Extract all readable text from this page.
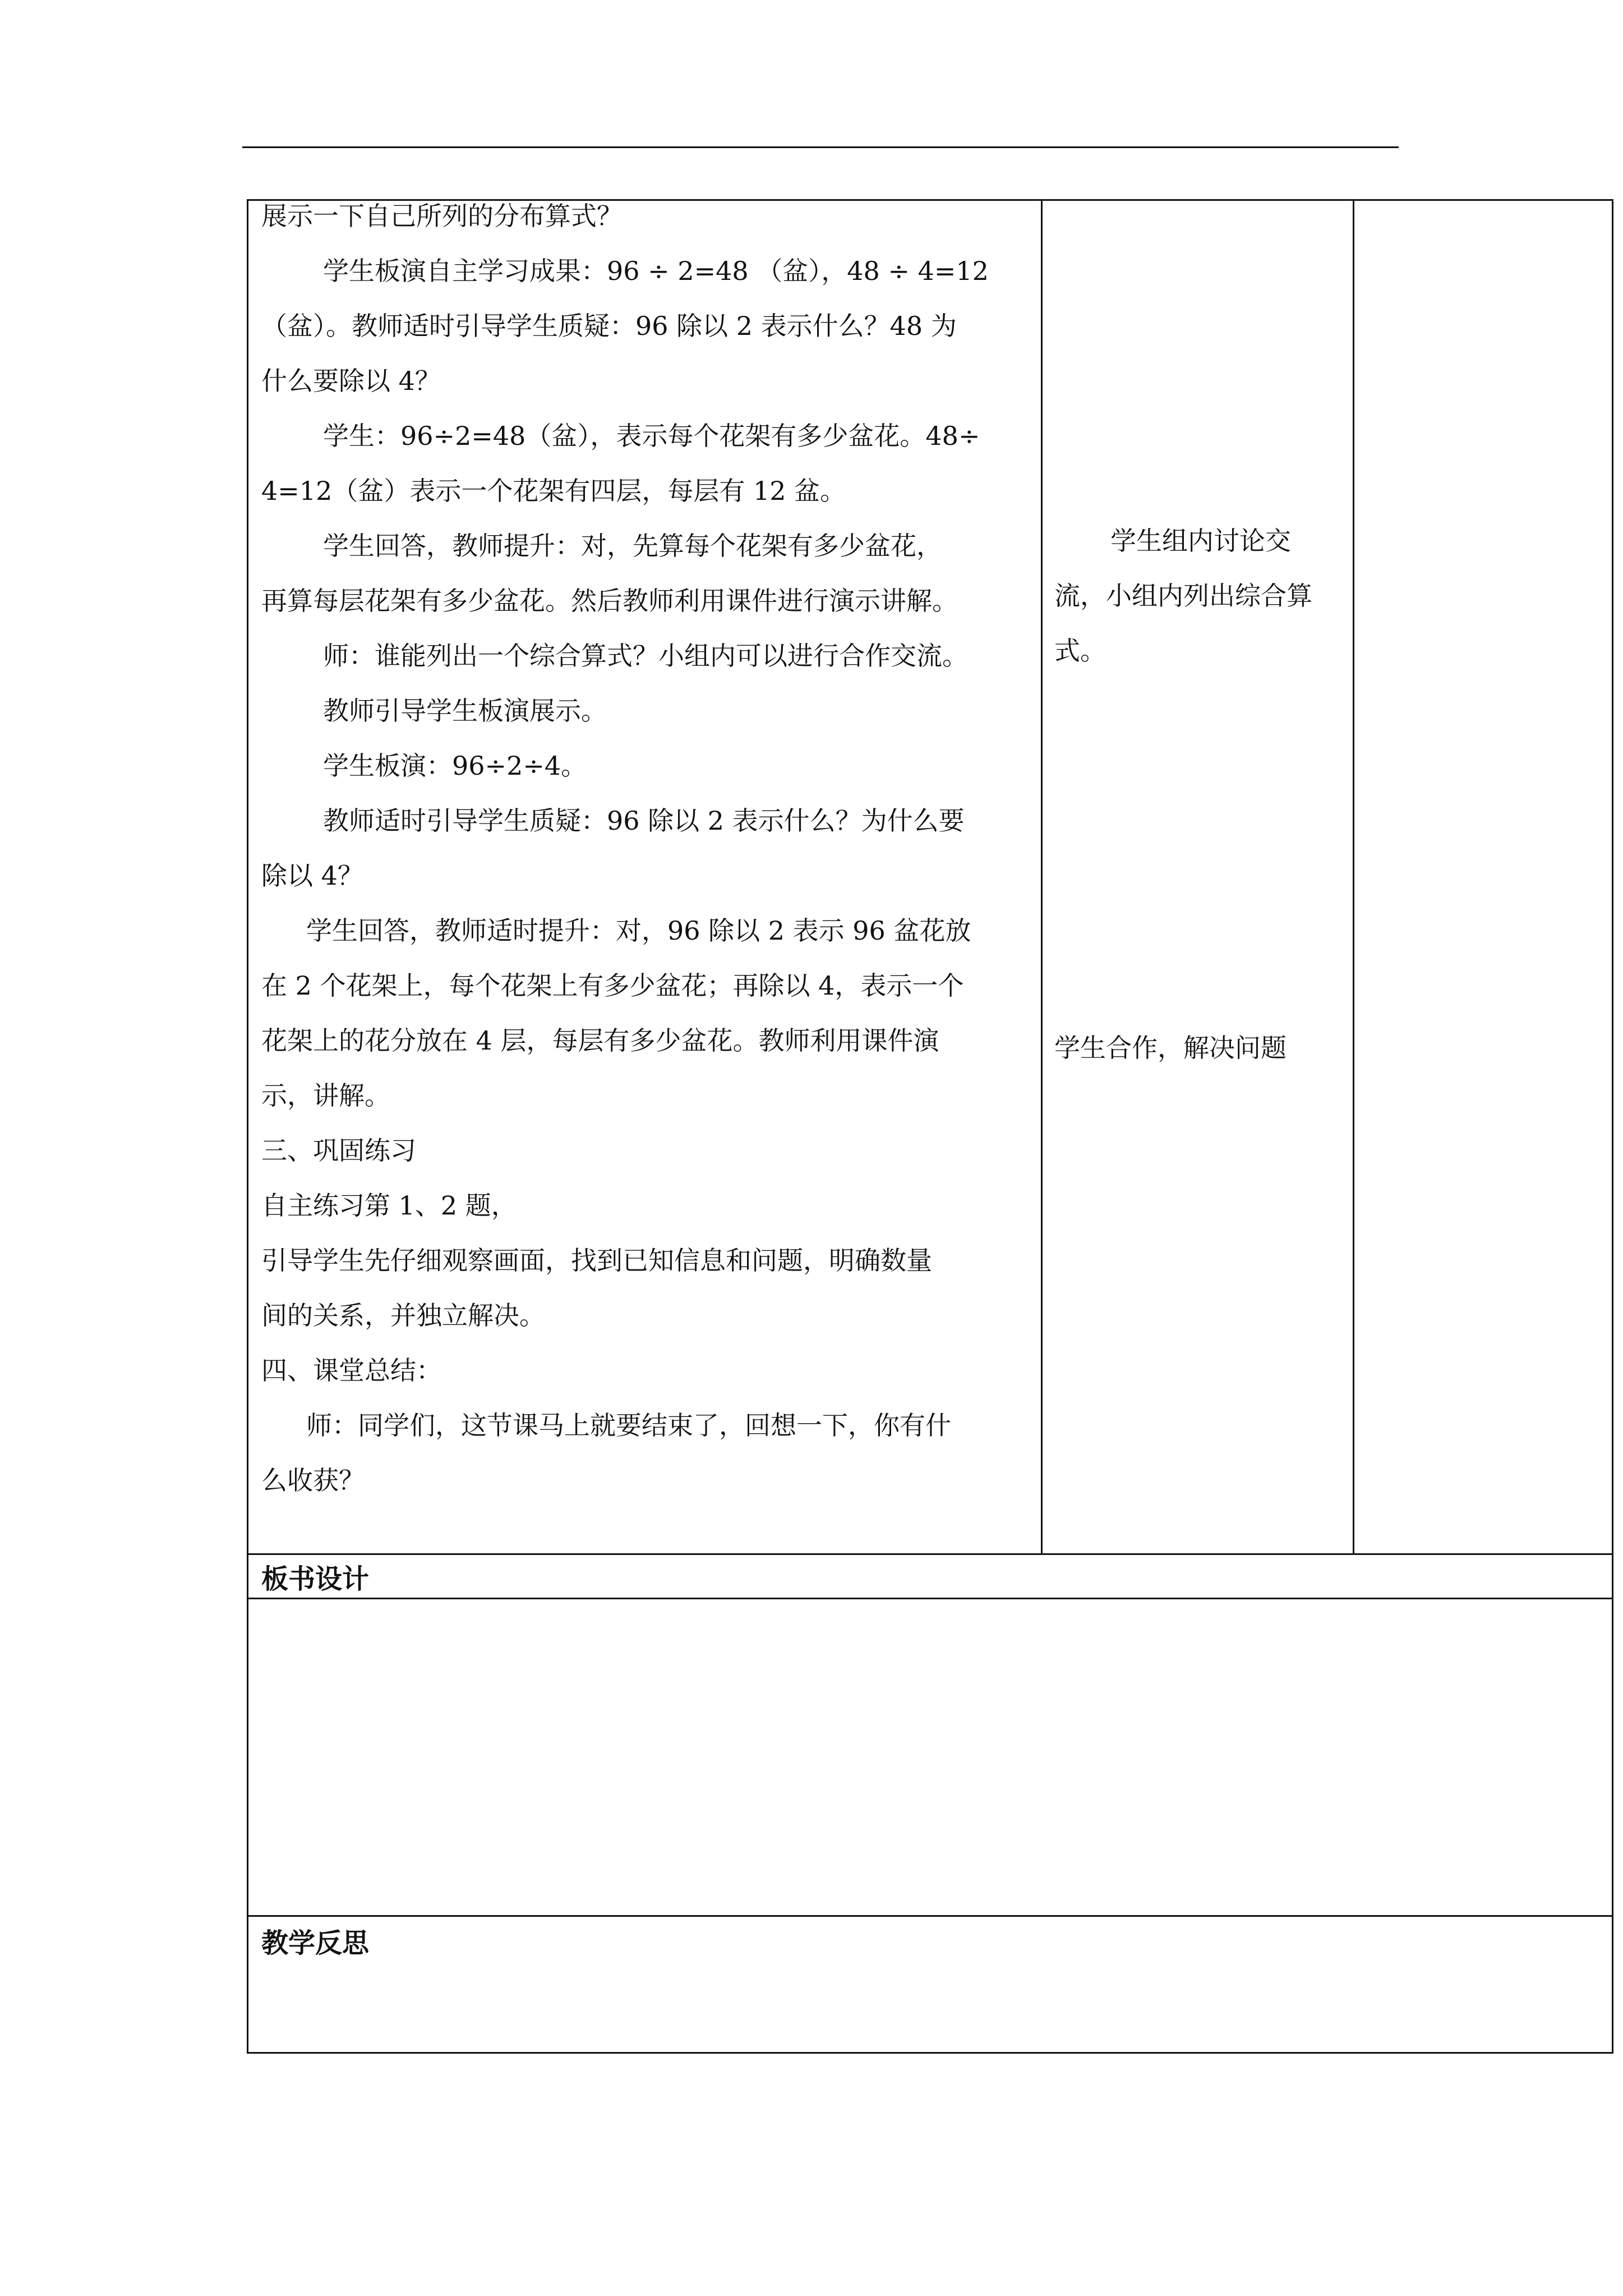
展示一下自己所列的分布算式？

学生板演自主学习成果：96 ÷ 2=48 （盆），48 ÷ 4=12

（盆）。教师适时引导学生质疑：96 除以 2 表示什么？48 为

什么要除以 4？

学生：96÷2=48（盆），表示每个花架有多少盆花。48÷

4=12（盆）表示一个花架有四层，每层有 12 盆。

学生回答，教师提升：对，先算每个花架有多少盆花，

再算每层花架有多少盆花。然后教师利用课件进行演示讲解。

师：谁能列出一个综合算式？小组内可以进行合作交流。

教师引导学生板演展示。

学生板演：96÷2÷4。

教师适时引导学生质疑：96 除以 2 表示什么？为什么要

除以 4？

学生回答，教师适时提升：对，96 除以 2 表示 96 盆花放

在 2 个花架上，每个花架上有多少盆花；再除以 4，表示一个

花架上的花分放在 4 层，每层有多少盆花。教师利用课件演

示，讲解。

三、巩固练习

自主练习第 1、2 题，

引导学生先仔细观察画面，找到已知信息和问题，明确数量

间的关系，并独立解决。

四、课堂总结：

师：同学们，这节课马上就要结束了，回想一下，你有什

么收获？

学生组内讨论交
流，小组内列出综合算
式。
学生合作，解决问题
板书设计
教学反思
